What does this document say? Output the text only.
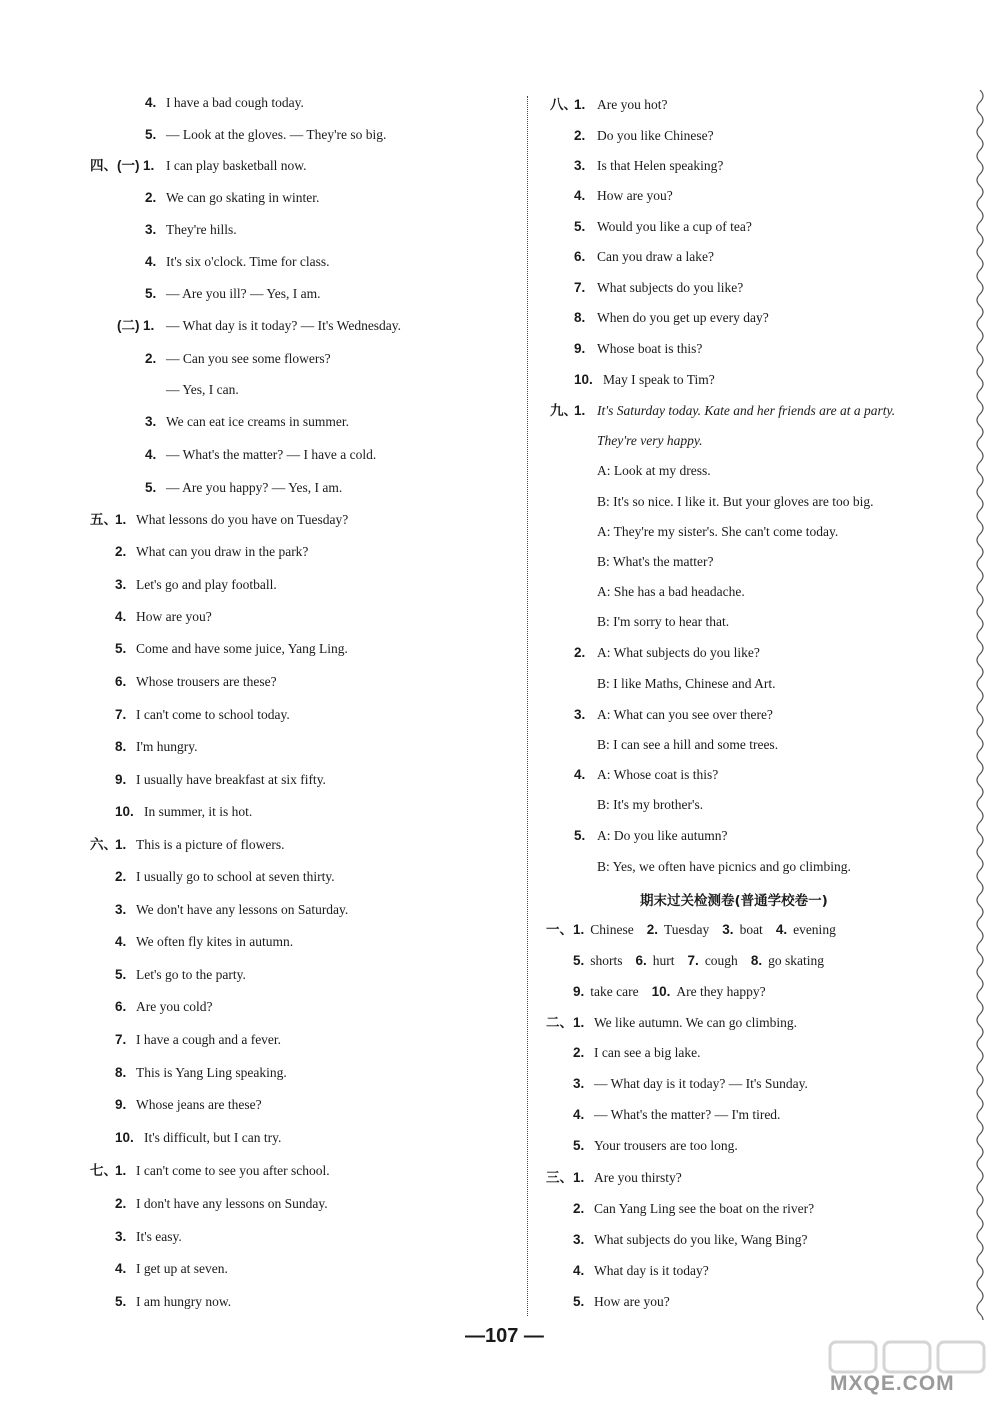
4. I have a bad cough today.
5. — Look at the gloves. — They're so big.
四、(一) 1. I can play basketball now.
2. We can go skating in winter.
3. They're hills.
4. It's six o'clock. Time for class.
5. — Are you ill? — Yes, I am.
(二) 1. — What day is it today? — It's Wednesday.
2. — Can you see some flowers?
— Yes, I can.
3. We can eat ice creams in summer.
4. — What's the matter? — I have a cold.
5. — Are you happy? — Yes, I am.
五、
1. What lessons do you have on Tuesday?
2. What can you draw in the park?
3. Let's go and play football.
4. How are you?
5. Come and have some juice, Yang Ling.
6. Whose trousers are these?
7. I can't come to school today.
8. I'm hungry.
9. I usually have breakfast at six fifty.
10. In summer, it is hot.
六、
1. This is a picture of flowers.
2. I usually go to school at seven thirty.
3. We don't have any lessons on Saturday.
4. We often fly kites in autumn.
5. Let's go to the party.
6. Are you cold?
7. I have a cough and a fever.
8. This is Yang Ling speaking.
9. Whose jeans are these?
10. It's difficult, but I can try.
七、
1. I can't come to see you after school.
2. I don't have any lessons on Sunday.
3. It's easy.
4. I get up at seven.
5. I am hungry now.
八、
1. Are you hot?
2. Do you like Chinese?
3. Is that Helen speaking?
4. How are you?
5. Would you like a cup of tea?
6. Can you draw a lake?
7. What subjects do you like?
8. When do you get up every day?
9. Whose boat is this?
10. May I speak to Tim?
九、
1. It's Saturday today. Kate and her friends are at a party.
They're very happy.
A: Look at my dress.
B: It's so nice. I like it. But your gloves are too big.
A: They're my sister's. She can't come today.
B: What's the matter?
A: She has a bad headache.
B: I'm sorry to hear that.
2. A: What subjects do you like?
B: I like Maths, Chinese and Art.
3. A: What can you see over there?
B: I can see a hill and some trees.
4. A: Whose coat is this?
B: It's my brother's.
5. A: Do you like autumn?
B: Yes, we often have picnics and go climbing.
一、 1. Chinese 2. Tuesday 3. boat 4. evening
5. shorts 6. hurt 7. cough 8. go skating
9. take care 10. Are they happy?
二、 1. We like autumn. We can go climbing.
2. I can see a big lake.
3. — What day is it today? — It's Sunday.
4. — What's the matter? — I'm tired.
5. Your trousers are too long.
三、 1. Are you thirsty?
2. Can Yang Ling see the boat on the river?
3. What subjects do you like, Wang Bing?
4. What day is it today?
5. How are you?
期末过关检测卷(普通学校卷一)
—107 —
MXQE.COM
